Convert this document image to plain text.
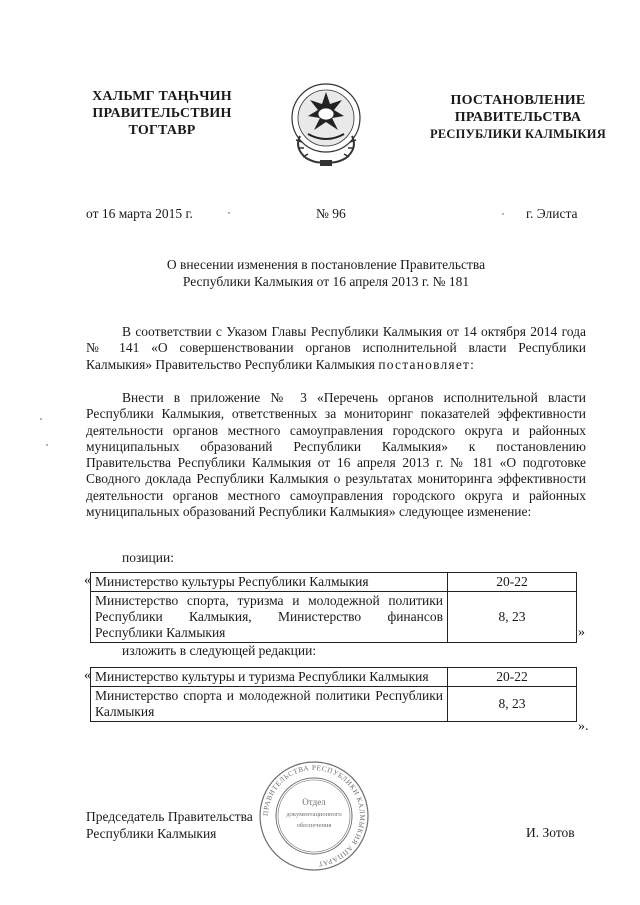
ХАЛЬМГ ТАҢҺЧИН
ПРАВИТЕЛЬСТВИН
ТОГТАВР
ПОСТАНОВЛЕНИЕ
ПРАВИТЕЛЬСТВА
РЕСПУБЛИКИ КАЛМЫКИЯ
от 16 марта 2015 г.	№ 96	г. Элиста
О внесении изменения в постановление Правительства
Республики Калмыкия от 16 апреля 2013 г. № 181
В соответствии с Указом Главы Республики Калмыкия от 14 октября 2014 года № 141 «О совершенствовании органов исполнительной власти Республики Калмыкия» Правительство Республики Калмыкия постановляет:
Внести в приложение № 3 «Перечень органов исполнительной власти Республики Калмыкия, ответственных за мониторинг показателей эффективности деятельности органов местного самоуправления городского округа и районных муниципальных образований Республики Калмыкия» к постановлению Правительства Республики Калмыкия от 16 апреля 2013 г. № 181 «О подготовке Сводного доклада Республики Калмыкия о результатах мониторинга эффективности деятельности органов местного самоуправления городского округа и районных муниципальных образований Республики Калмыкия» следующее изменение:
позиции:
« Министерство культуры Республики Калмыкия	20-22
Министерство спорта, туризма и молодежной политики Республики Калмыкия, Министерство финансов Республики Калмыкия	8, 23
»
изложить в следующей редакции:
« Министерство культуры и туризма Республики Калмыкия	20-22
Министерство спорта и молодежной политики Республики Калмыкия	8, 23
».
ПРАВИТЕЛЬСТВА РЕСПУБЛИКИ КАЛМЫКИЯ АППАРАТ
Отдел
документационного
обеспечения
Председатель Правительства
Республики Калмыкия	И. Зотов
